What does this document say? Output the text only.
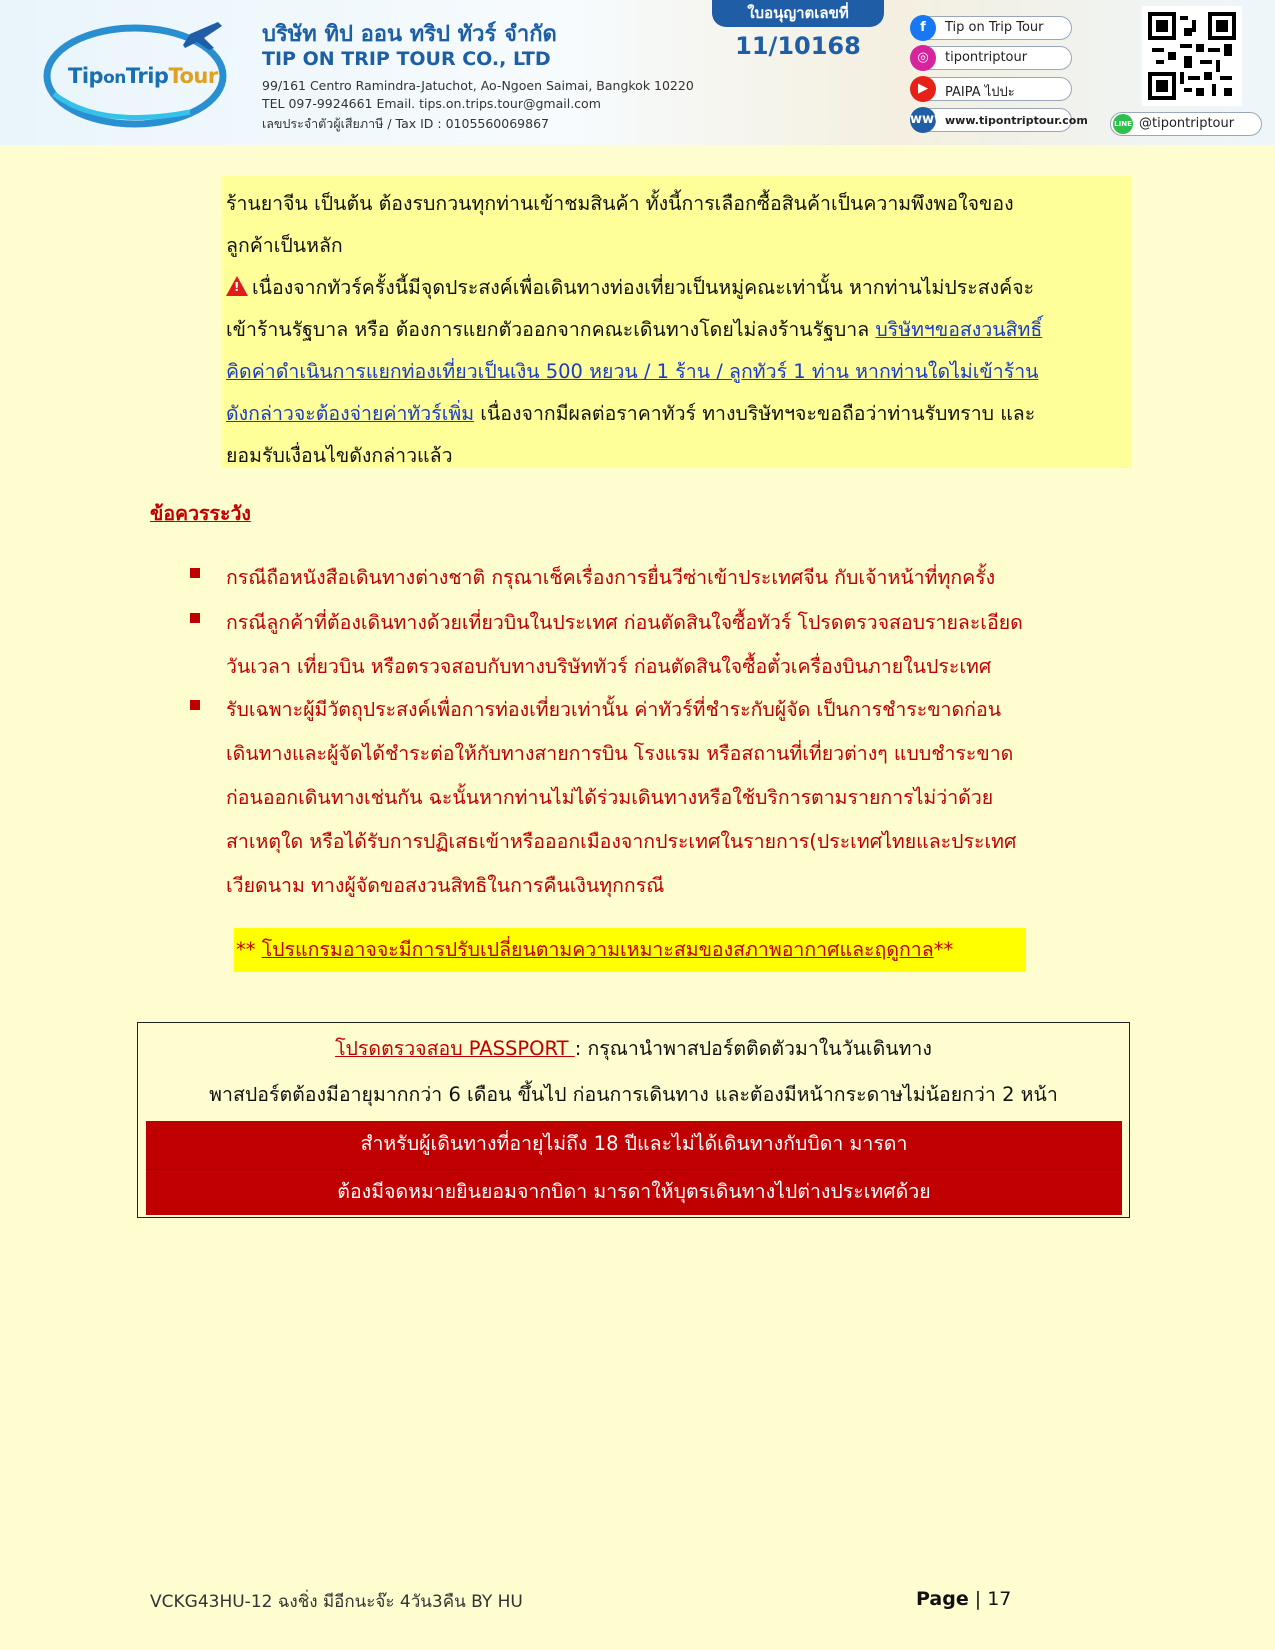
TiponTripTour
บริษัท ทิป ออน ทริป ทัวร์ จำกัด
TIP ON TRIP TOUR CO., LTD
99/161 Centro Ramindra-Jatuchot, Ao-Ngoen Saimai, Bangkok 10220
TEL 097-9924661 Email. tips.on.trips.tour@gmail.com
เลขประจำตัวผู้เสียภาษี / Tax ID : 0105560069867
ใบอนุญาตเลขที่
11/10168
f	Tip on Trip Tour
◎	tipontriptour
▶	PAIPA ไปปะ
www
www.tipontriptour.com	LINE @tipontriptour
ร้านยาจีน เป็นต้น ต้องรบกวนทุกท่านเข้าชมสินค้า ทั้งนี้การเลือกซื้อสินค้าเป็นความพึงพอใจของ
ลูกค้าเป็นหลัก
!เนื่องจากทัวร์ครั้งนี้มีจุดประสงค์เพื่อเดินทางท่องเที่ยวเป็นหมู่คณะเท่านั้น หากท่านไม่ประสงค์จะ
เข้าร้านรัฐบาล หรือ ต้องการแยกตัวออกจากคณะเดินทางโดยไม่ลงร้านรัฐบาล บริษัทฯขอสงวนสิทธิ์
คิดค่าดำเนินการแยกท่องเที่ยวเป็นเงิน 500 หยวน / 1 ร้าน / ลูกทัวร์ 1 ท่าน หากท่านใดไม่เข้าร้าน
ดังกล่าวจะต้องจ่ายค่าทัวร์เพิ่ม เนื่องจากมีผลต่อราคาทัวร์ ทางบริษัทฯจะขอถือว่าท่านรับทราบ และ
ยอมรับเงื่อนไขดังกล่าวแล้ว
ข้อควรระวัง
กรณีถือหนังสือเดินทางต่างชาติ กรุณาเช็คเรื่องการยื่นวีซ่าเข้าประเทศจีน กับเจ้าหน้าที่ทุกครั้ง
กรณีลูกค้าที่ต้องเดินทางด้วยเที่ยวบินในประเทศ ก่อนตัดสินใจซื้อทัวร์ โปรดตรวจสอบรายละเอียด
วันเวลา เที่ยวบิน หรือตรวจสอบกับทางบริษัททัวร์ ก่อนตัดสินใจซื้อตั๋วเครื่องบินภายในประเทศ
รับเฉพาะผู้มีวัตถุประสงค์เพื่อการท่องเที่ยวเท่านั้น ค่าทัวร์ที่ชำระกับผู้จัด เป็นการชำระขาดก่อน
เดินทางและผู้จัดได้ชำระต่อให้กับทางสายการบิน โรงแรม หรือสถานที่เที่ยวต่างๆ แบบชำระขาด
ก่อนออกเดินทางเช่นกัน ฉะนั้นหากท่านไม่ได้ร่วมเดินทางหรือใช้บริการตามรายการไม่ว่าด้วย
สาเหตุใด หรือได้รับการปฏิเสธเข้าหรือออกเมืองจากประเทศในรายการ(ประเทศไทยและประเทศ
เวียดนาม ทางผู้จัดขอสงวนสิทธิในการคืนเงินทุกกรณี
** โปรแกรมอาจจะมีการปรับเปลี่ยนตามความเหมาะสมของสภาพอากาศและฤดูกาล**
โปรดตรวจสอบ PASSPORT : กรุณานำพาสปอร์ตติดตัวมาในวันเดินทาง
พาสปอร์ตต้องมีอายุมากกว่า 6 เดือน ขึ้นไป ก่อนการเดินทาง และต้องมีหน้ากระดาษไม่น้อยกว่า 2 หน้า
สำหรับผู้เดินทางที่อายุไม่ถึง 18 ปีและไม่ได้เดินทางกับบิดา มารดา
ต้องมีจดหมายยินยอมจากบิดา มารดาให้บุตรเดินทางไปต่างประเทศด้วย
VCKG43HU-12 ฉงชิ่ง มีอีกนะจ๊ะ 4วัน3คืน BY HU	Page | 17
